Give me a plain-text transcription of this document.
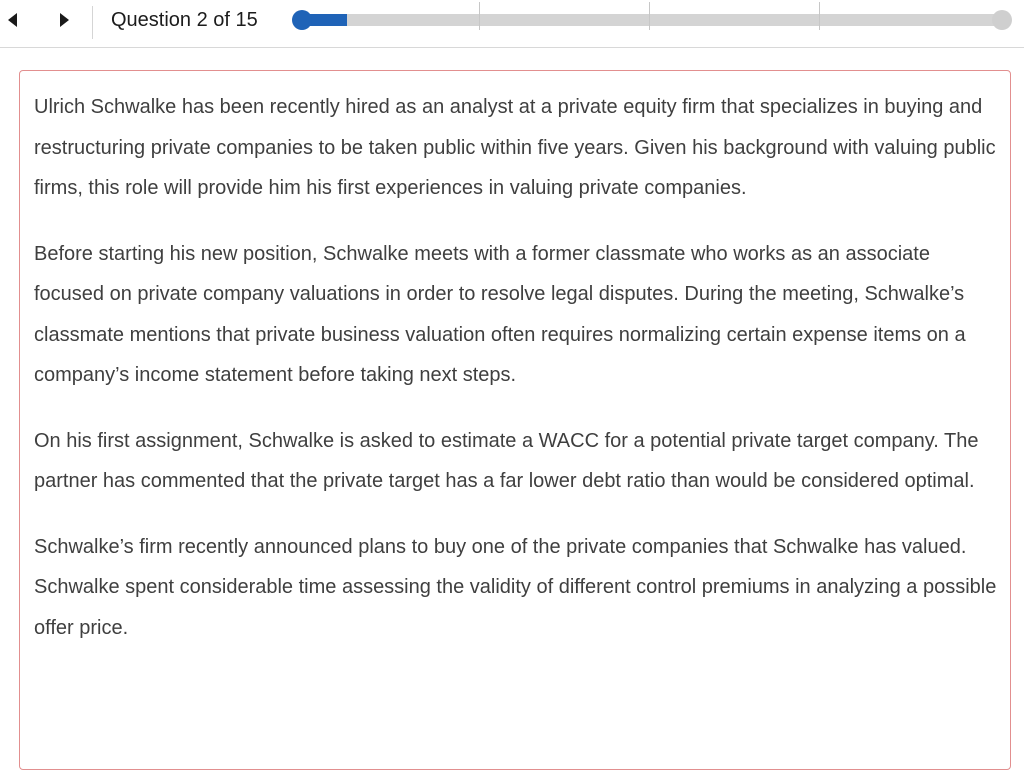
Question 2 of 15

Ulrich Schwalke has been recently hired as an analyst at a private equity firm that specializes in buying and restructuring private companies to be taken public within five years. Given his background with valuing public firms, this role will provide him his first experiences in valuing private companies.

Before starting his new position, Schwalke meets with a former classmate who works as an associate focused on private company valuations in order to resolve legal disputes. During the meeting, Schwalke’s classmate mentions that private business valuation often requires normalizing certain expense items on a company’s income statement before taking next steps.

On his first assignment, Schwalke is asked to estimate a WACC for a potential private target company. The partner has commented that the private target has a far lower debt ratio than would be considered optimal.

Schwalke’s firm recently announced plans to buy one of the private companies that Schwalke has valued. Schwalke spent considerable time assessing the validity of different control premiums in analyzing a possible offer price.
